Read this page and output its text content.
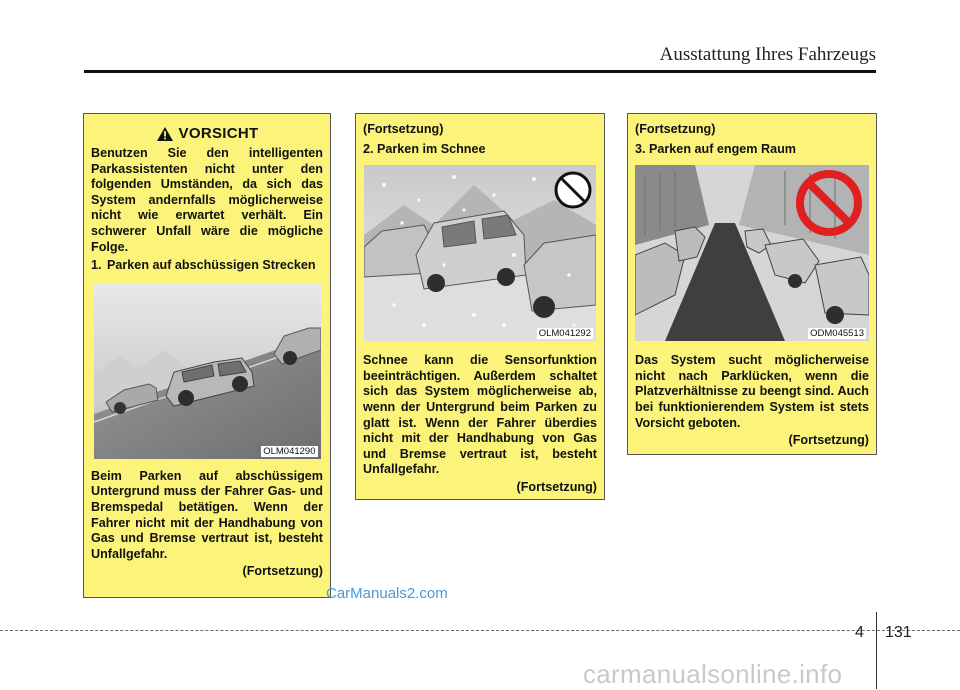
Ausstattung Ihres Fahrzeugs
VORSICHT

Benutzen Sie den intelligenten Parkassistenten nicht unter den folgenden Umständen, da sich das System andernfalls möglicherweise nicht wie erwartet verhält. Ein schwerer Unfall wäre die mögliche Folge.

1. Parken auf abschüssigen Strecken
OLM041290

Beim Parken auf abschüssigem Untergrund muss der Fahrer Gas- und Bremspedal betätigen. Wenn der Fahrer nicht mit der Handhabung von Gas und Bremse vertraut ist, besteht Unfallgefahr.

(Fortsetzung)

(Fortsetzung)

2. Parken im Schnee

OLM041292

Schnee kann die Sensorfunktion beeinträchtigen. Außerdem schaltet sich das System möglicherweise ab, wenn der Untergrund beim Parken zu glatt ist. Wenn der Fahrer überdies nicht mit der Handhabung von Gas und Bremse vertraut ist, besteht Unfallgefahr.

(Fortsetzung)

(Fortsetzung)

3. Parken auf engem Raum

ODM045513

Das System sucht möglicherweise nicht nach Parklücken, wenn die Platzverhältnisse zu beengt sind. Auch bei funktionierendem System ist stets Vorsicht geboten.

(Fortsetzung)

CarManuals2.com
4 131
carmanualsonline.info
